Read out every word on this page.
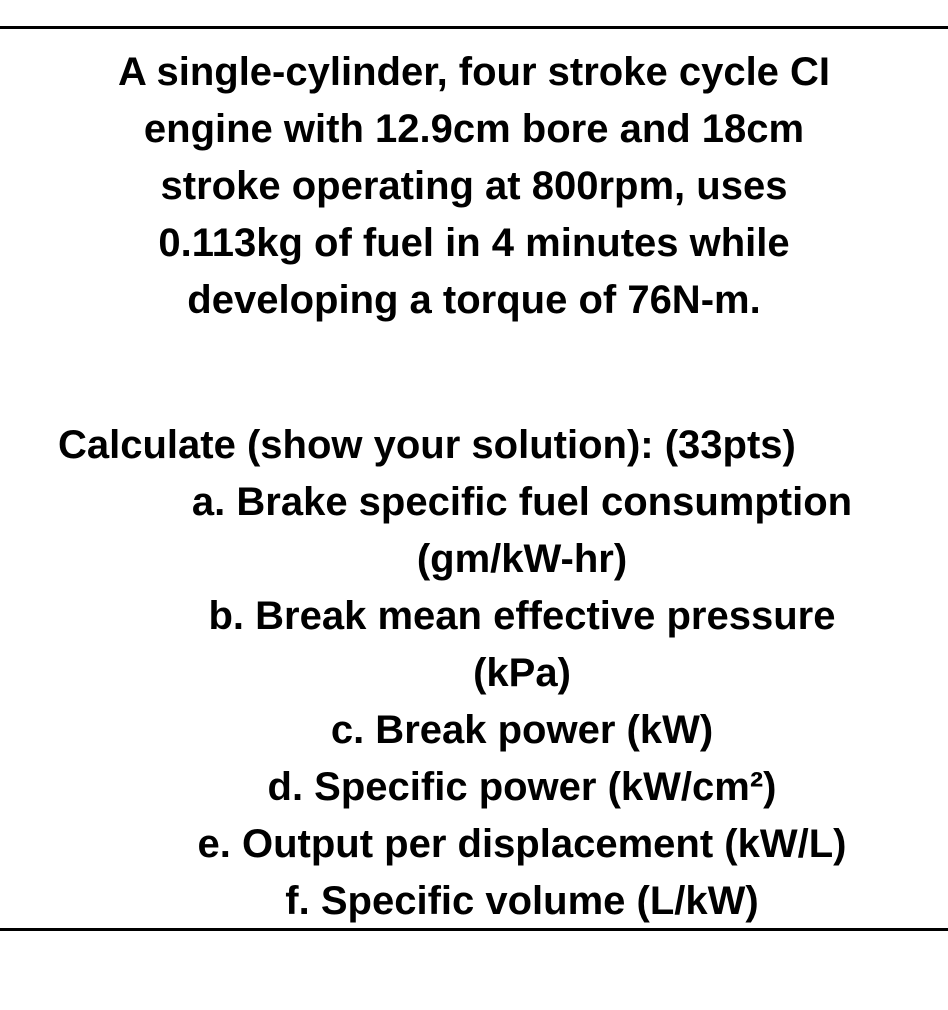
A single-cylinder, four stroke cycle CI
engine with 12.9cm bore and 18cm
stroke operating at 800rpm, uses
0.113kg of fuel in 4 minutes while
developing a torque of 76N-m.
Calculate (show your solution): (33pts)
a. Brake specific fuel consumption
(gm/kW-hr)
b. Break mean effective pressure
(kPa)
c. Break power (kW)
d. Specific power (kW/cm²)
e. Output per displacement (kW/L)
f. Specific volume (L/kW)
